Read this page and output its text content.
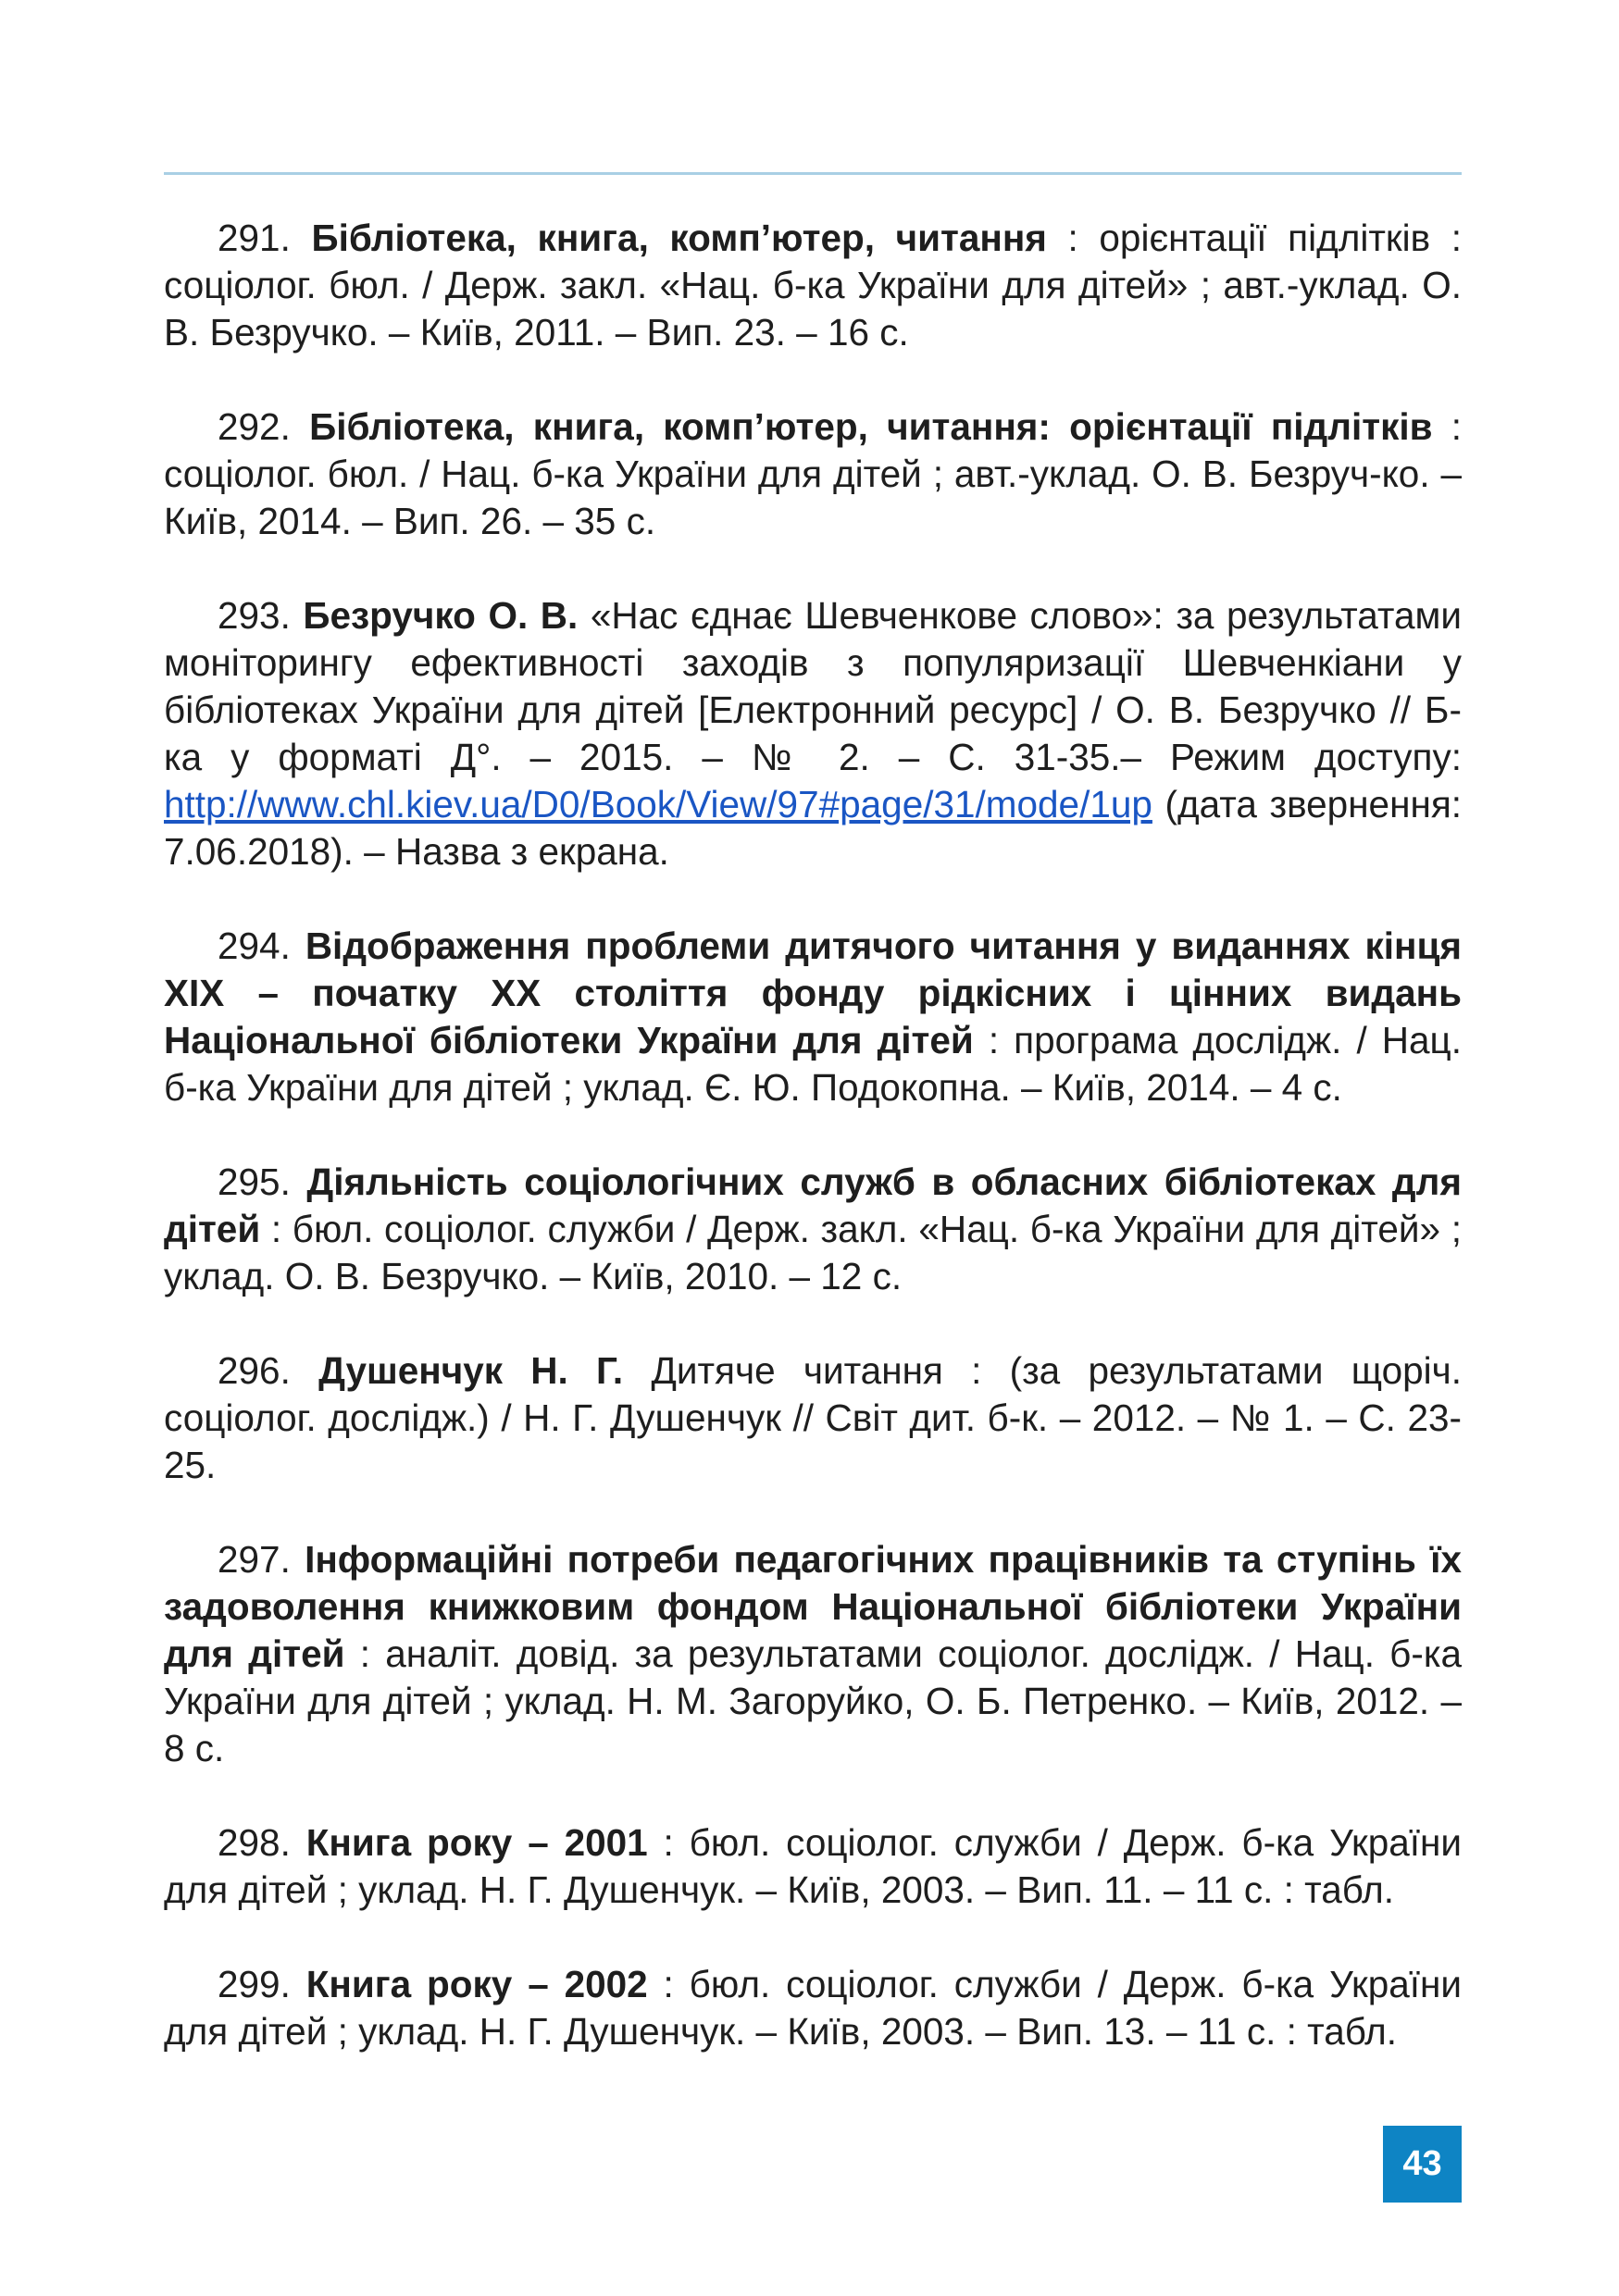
291. Бібліотека, книга, комп’ютер, читання : орієнтації підлітків : соціолог. бюл. / Держ. закл. «Нац. б-ка України для дітей» ; авт.-уклад. О. В. Безручко. – Київ, 2011. – Вип. 23. – 16 с.

292. Бібліотека, книга, комп’ютер, читання: орієнтації підлітків : соціолог. бюл. / Нац. б-ка України для дітей ; авт.-уклад. О. В. Безруч-ко. – Київ, 2014. – Вип. 26. – 35 с.

293. Безручко О. В. «Нас єднає Шевченкове слово»: за результатами моніторингу ефективності заходів з популяризації Шевченкіани у бібліотеках України для дітей [Електронний ресурс] / О. В. Безручко // Б-ка у форматі Д°. – 2015. – № 2. – С. 31-35.– Режим доступу: http://www.chl.kiev.ua/D0/Book/View/97#page/31/mode/1up (дата звернення: 7.06.2018). – Назва з екрана.

294. Відображення проблеми дитячого читання у виданнях кінця XIX – початку XX століття фонду рідкісних і цінних видань Національної бібліотеки України для дітей : програма дослідж. / Нац. б-ка України для дітей ; уклад. Є. Ю. Подокопна. – Київ, 2014. – 4 с.

295. Діяльність соціологічних служб в обласних бібліотеках для дітей : бюл. соціолог. служби / Держ. закл. «Нац. б-ка України для дітей» ; уклад. О. В. Безручко. – Київ, 2010. – 12 с.

296. Душенчук Н. Г. Дитяче читання : (за результатами щоріч. соціолог. дослідж.) / Н. Г. Душенчук // Світ дит. б-к. – 2012. – № 1. – С. 23-25.

297. Інформаційні потреби педагогічних працівників та ступінь їх задоволення книжковим фондом Національної бібліотеки України для дітей : аналіт. довід. за результатами соціолог. дослідж. / Нац. б-ка України для дітей ; уклад. Н. М. Загоруйко, О. Б. Петренко. – Київ, 2012. – 8 с.

298. Книга року – 2001 : бюл. соціолог. служби / Держ. б-ка України для дітей ; уклад. Н. Г. Душенчук. – Київ, 2003. – Вип. 11. – 11 с. : табл.

299. Книга року – 2002 : бюл. соціолог. служби / Держ. б-ка України для дітей ; уклад. Н. Г. Душенчук. – Київ, 2003. – Вип. 13. – 11 с. : табл.

43
